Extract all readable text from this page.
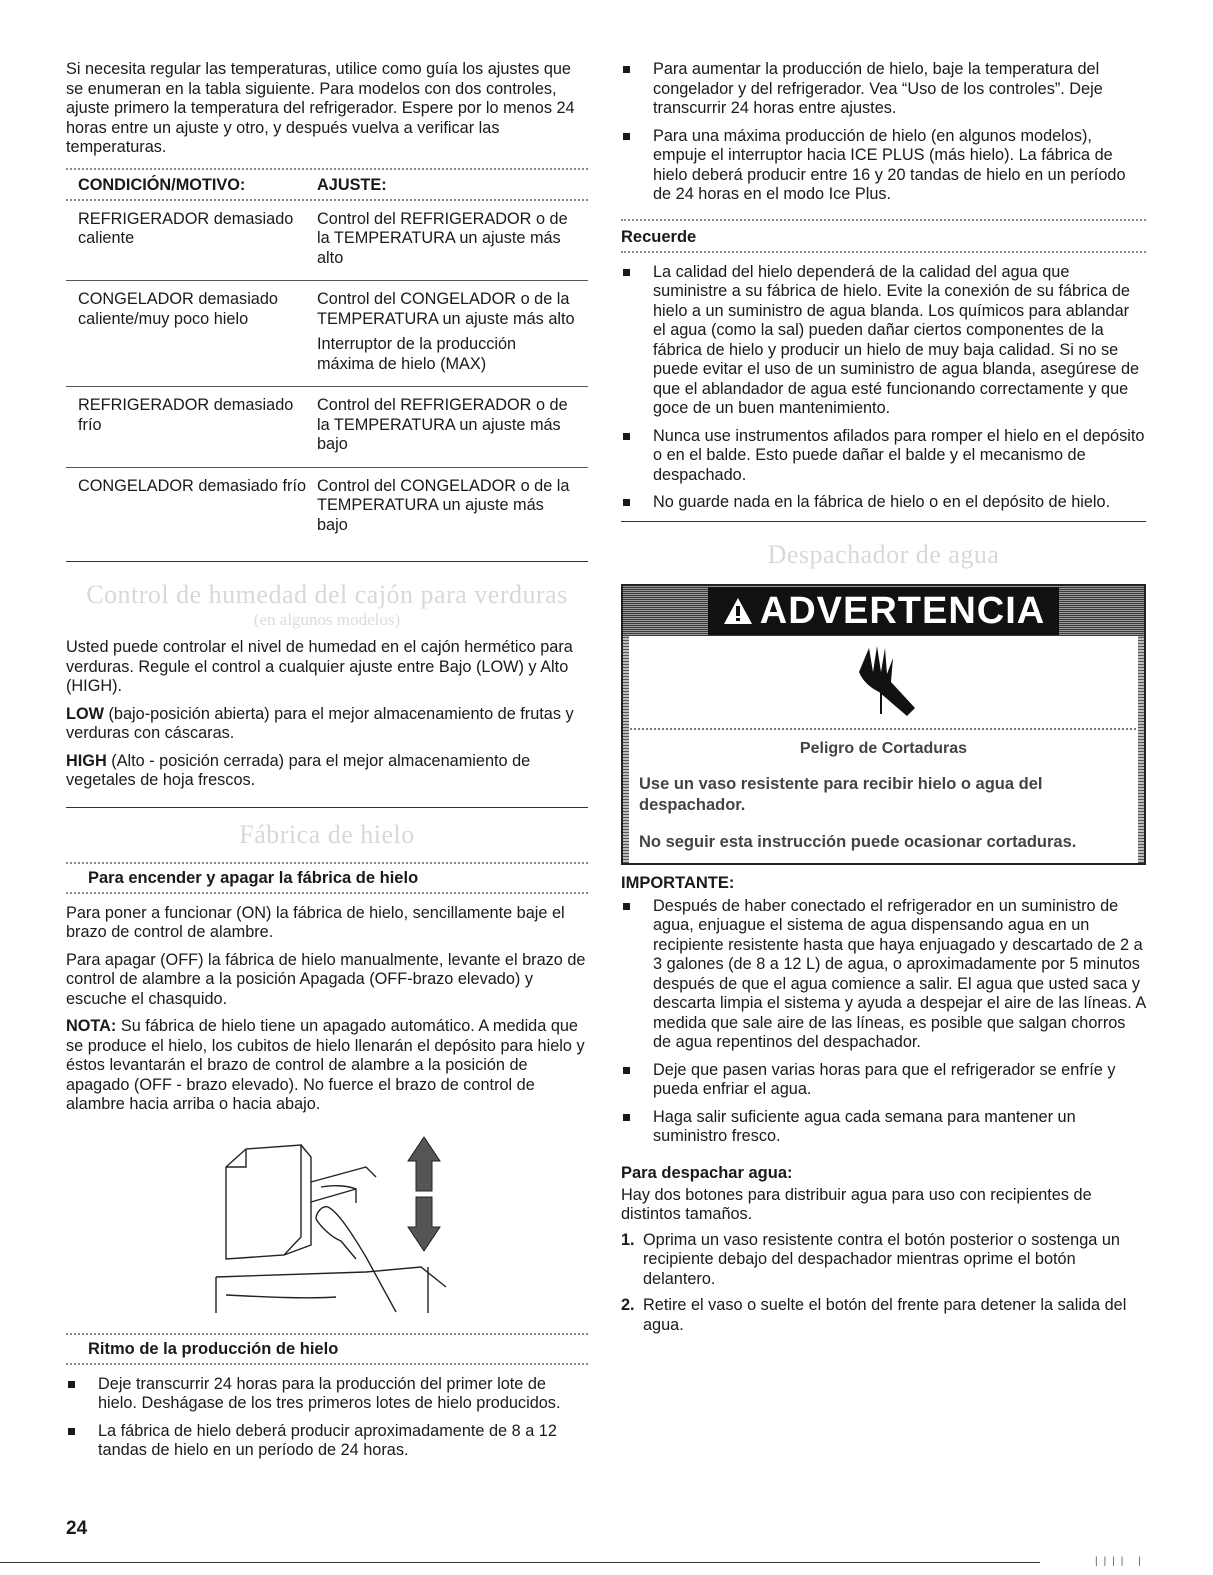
Si necesita regular las temperaturas, utilice como guía los ajustes que se enumeran en la tabla siguiente. Para modelos con dos controles, ajuste primero la temperatura del refrigerador. Espere por lo menos 24 horas entre un ajuste y otro, y después vuelva a verificar las temperaturas.

CONDICIÓN/MOTIVO:	AJUSTE:
REFRIGERADOR demasiado caliente
Control del REFRIGERADOR o de la TEMPERATURA un ajuste más alto
CONGELADOR demasiado caliente/muy poco hielo
Control del CONGELADOR o de la TEMPERATURA un ajuste más alto
Interruptor de la producción máxima de hielo (MAX)
REFRIGERADOR demasiado frío
Control del REFRIGERADOR o de la TEMPERATURA un ajuste más bajo
CONGELADOR demasiado frío Control del CONGELADOR o de la TEMPERATURA un ajuste más bajo
Control de humedad del cajón para verduras
(en algunos modelos)

Usted puede controlar el nivel de humedad en el cajón hermético para verduras. Regule el control a cualquier ajuste entre Bajo (LOW) y Alto (HIGH).

LOW (bajo-posición abierta) para el mejor almacenamiento de frutas y verduras con cáscaras.

HIGH (Alto - posición cerrada) para el mejor almacenamiento de vegetales de hoja frescos.

Fábrica de hielo
Para encender y apagar la fábrica de hielo

Para poner a funcionar (ON) la fábrica de hielo, sencillamente baje el brazo de control de alambre.

Para apagar (OFF) la fábrica de hielo manualmente, levante el brazo de control de alambre a la posición Apagada (OFF-brazo elevado) y escuche el chasquido.

NOTA: Su fábrica de hielo tiene un apagado automático. A medida que se produce el hielo, los cubitos de hielo llenarán el depósito para hielo y éstos levantarán el brazo de control de alambre a la posición de apagado (OFF - brazo elevado). No fuerce el brazo de control de alambre hacia arriba o hacia abajo.

Ritmo de la producción de hielo
Deje transcurrir 24 horas para la producción del primer lote de hielo. Deshágase de los tres primeros lotes de hielo producidos.
La fábrica de hielo deberá producir aproximadamente de 8 a 12 tandas de hielo en un período de 24 horas.
Para aumentar la producción de hielo, baje la temperatura del congelador y del refrigerador. Vea “Uso de los controles”. Deje transcurrir 24 horas entre ajustes.
Para una máxima producción de hielo (en algunos modelos), empuje el interruptor hacia ICE PLUS (más hielo). La fábrica de hielo deberá producir entre 16 y 20 tandas de hielo en un período de 24 horas en el modo Ice Plus.
Recuerde
La calidad del hielo dependerá de la calidad del agua que suministre a su fábrica de hielo. Evite la conexión de su fábrica de hielo a un suministro de agua blanda. Los químicos para ablandar el agua (como la sal) pueden dañar ciertos componentes de la fábrica de hielo y producir un hielo de muy baja calidad. Si no se puede evitar el uso de un suministro de agua blanda, asegúrese de que el ablandador de agua esté funcionando correctamente y que goce de un buen mantenimiento.
Nunca use instrumentos afilados para romper el hielo en el depósito o en el balde. Esto puede dañar el balde y el mecanismo de despachado.
No guarde nada en la fábrica de hielo o en el depósito de hielo.
Despachador de agua
ADVERTENCIA
Peligro de Cortaduras

Use un vaso resistente para recibir hielo o agua del despachador.

No seguir esta instrucción puede ocasionar cortaduras.

IMPORTANTE:
Después de haber conectado el refrigerador en un suministro de agua, enjuague el sistema de agua dispensando agua en un recipiente resistente hasta que haya enjuagado y descartado de 2 a 3 galones (de 8 a 12 L) de agua, o aproximadamente por 5 minutos después de que el agua comience a salir. El agua que usted saca y descarta limpia el sistema y ayuda a despejar el aire de las líneas. A medida que sale aire de las líneas, es posible que salgan chorros de agua repentinos del despachador.
Deje que pasen varias horas para que el refrigerador se enfríe y pueda enfriar el agua.
Haga salir suficiente agua cada semana para mantener un suministro fresco.
Para despachar agua:

Hay dos botones para distribuir agua para uso con recipientes de distintos tamaños.

1. Oprima un vaso resistente contra el botón posterior o sostenga un recipiente debajo del despachador mientras oprime el botón delantero.
2. Retire el vaso o suelte el botón del frente para detener la salida del agua.
24
|||| |
